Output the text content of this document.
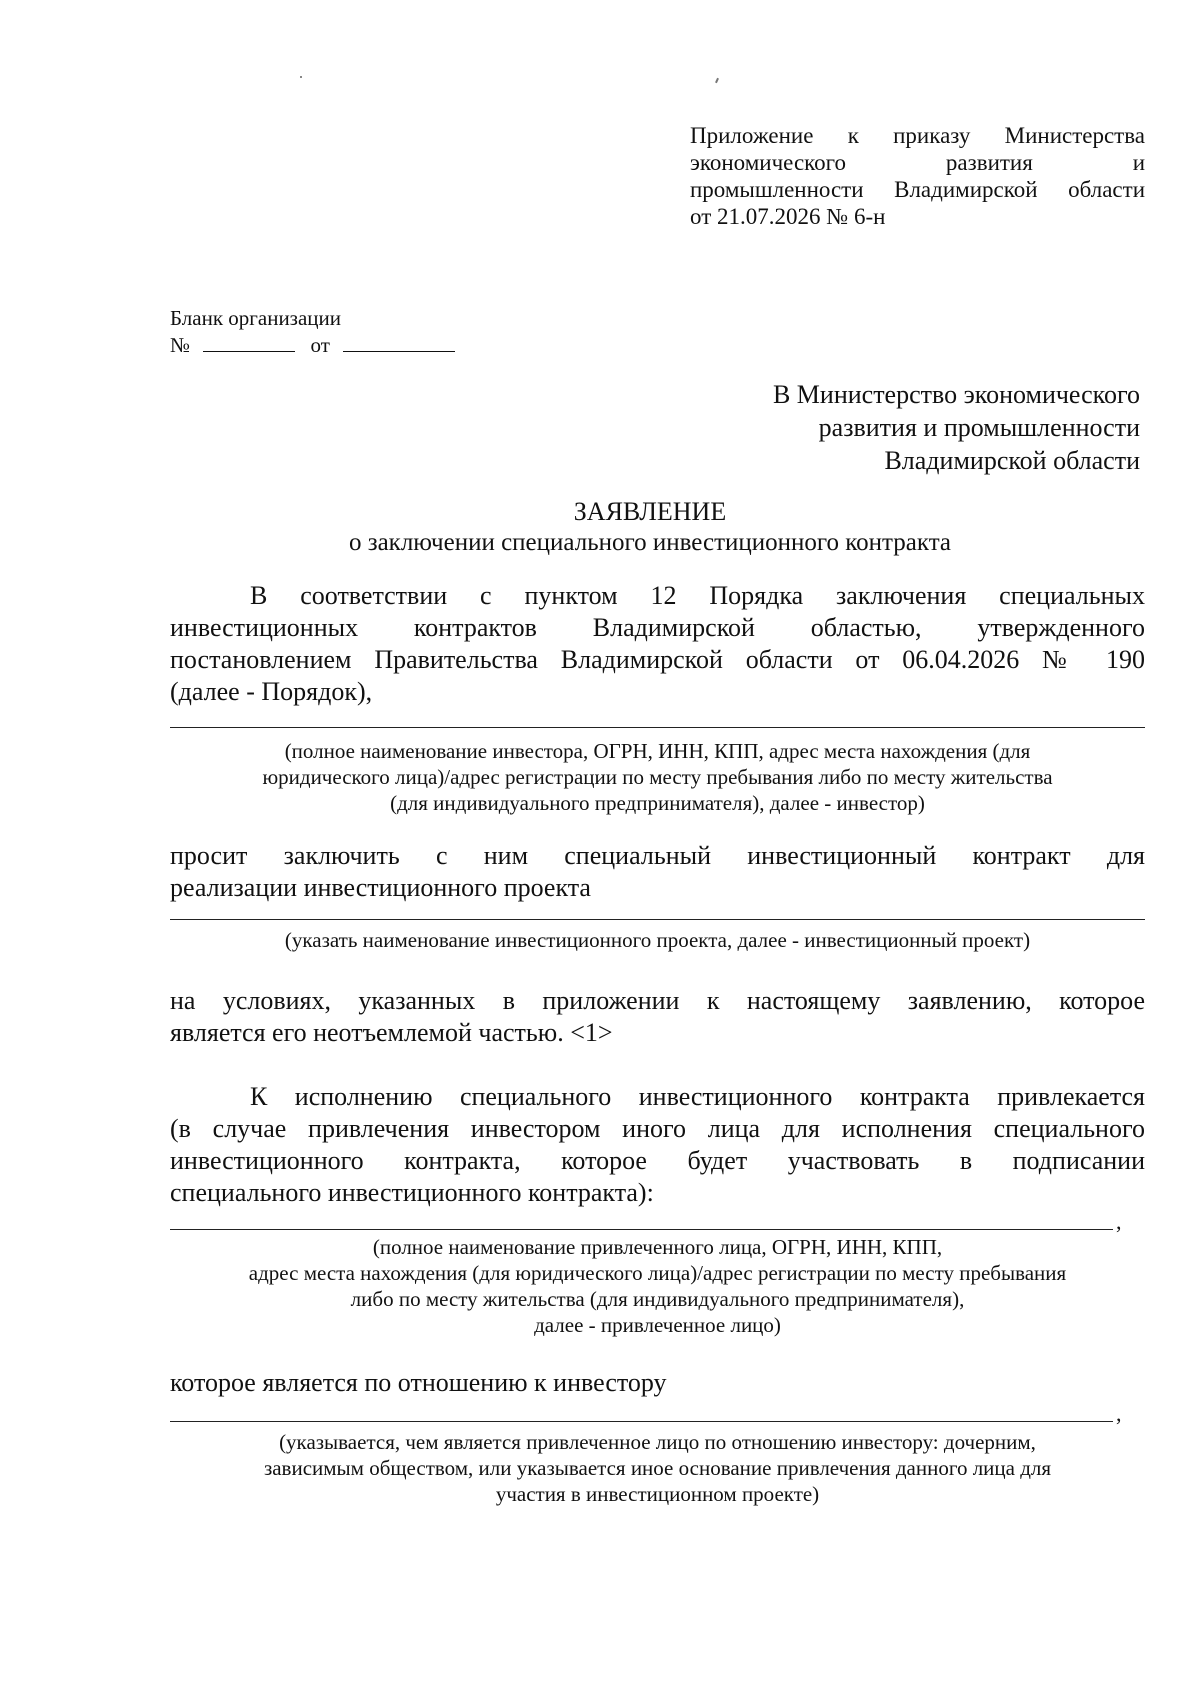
Приложение к приказу Министерства
экономического развития и
промышленности Владимирской области
от 21.07.2026 № 6-н
Бланк организации
№	от
В Министерство экономического
развития и промышленности
Владимирской области
ЗАЯВЛЕНИЕ
о заключении специального инвестиционного контракта
В соответствии с пунктом 12 Порядка заключения специальных
инвестиционных контрактов Владимирской областью, утвержденного
постановлением Правительства Владимирской области от 06.04.2026 № 190
(далее - Порядок),
(полное наименование инвестора, ОГРН, ИНН, КПП, адрес места нахождения (для
юридического лица)/адрес регистрации по месту пребывания либо по месту жительства
(для индивидуального предпринимателя), далее - инвестор)
просит заключить с ним специальный инвестиционный контракт для
реализации инвестиционного проекта
(указать наименование инвестиционного проекта, далее - инвестиционный проект)
на условиях, указанных в приложении к настоящему заявлению, которое
является его неотъемлемой частью. <1>
К исполнению специального инвестиционного контракта привлекается
(в случае привлечения инвестором иного лица для исполнения специального
инвестиционного контракта, которое будет участвовать в подписании
специального инвестиционного контракта):
,
(полное наименование привлеченного лица, ОГРН, ИНН, КПП,
адрес места нахождения (для юридического лица)/адрес регистрации по месту пребывания
либо по месту жительства (для индивидуального предпринимателя),
далее - привлеченное лицо)
которое является по отношению к инвестору
,
(указывается, чем является привлеченное лицо по отношению инвестору: дочерним,
зависимым обществом, или указывается иное основание привлечения данного лица для
участия в инвестиционном проекте)
